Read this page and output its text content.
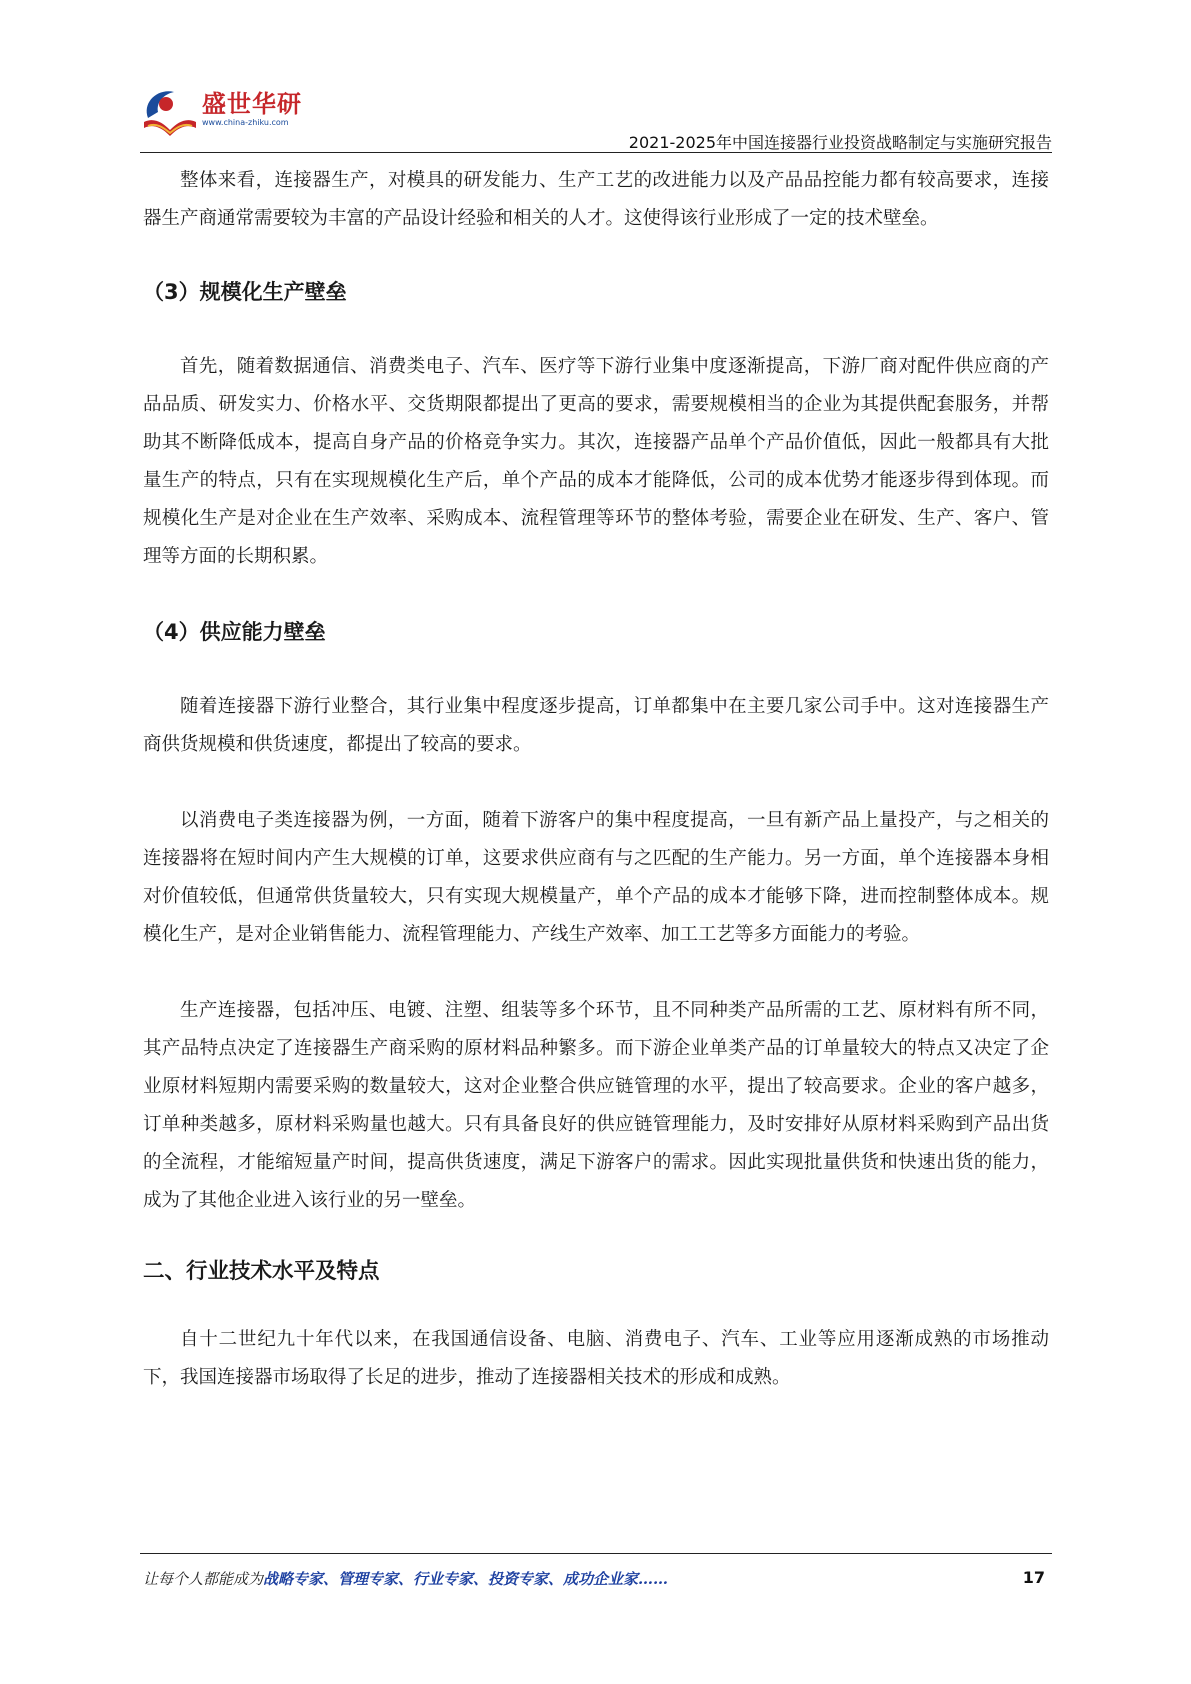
盛世华研
www.china-zhiku.com
2021-2025年中国连接器行业投资战略制定与实施研究报告

整体来看，连接器生产，对模具的研发能力、生产工艺的改进能力以及产品品控能力都有较高要求，连接器生产商通常需要较为丰富的产品设计经验和相关的人才。这使得该行业形成了一定的技术壁垒。

（3）规模化生产壁垒

首先，随着数据通信、消费类电子、汽车、医疗等下游行业集中度逐渐提高，下游厂商对配件供应商的产品品质、研发实力、价格水平、交货期限都提出了更高的要求，需要规模相当的企业为其提供配套服务，并帮助其不断降低成本，提高自身产品的价格竞争实力。其次，连接器产品单个产品价值低，因此一般都具有大批量生产的特点，只有在实现规模化生产后，单个产品的成本才能降低，公司的成本优势才能逐步得到体现。而规模化生产是对企业在生产效率、采购成本、流程管理等环节的整体考验，需要企业在研发、生产、客户、管理等方面的长期积累。

（4）供应能力壁垒

随着连接器下游行业整合，其行业集中程度逐步提高，订单都集中在主要几家公司手中。这对连接器生产商供货规模和供货速度，都提出了较高的要求。

以消费电子类连接器为例，一方面，随着下游客户的集中程度提高，一旦有新产品上量投产，与之相关的连接器将在短时间内产生大规模的订单，这要求供应商有与之匹配的生产能力。另一方面，单个连接器本身相对价值较低，但通常供货量较大，只有实现大规模量产，单个产品的成本才能够下降，进而控制整体成本。规模化生产，是对企业销售能力、流程管理能力、产线生产效率、加工工艺等多方面能力的考验。

生产连接器，包括冲压、电镀、注塑、组装等多个环节，且不同种类产品所需的工艺、原材料有所不同，其产品特点决定了连接器生产商采购的原材料品种繁多。而下游企业单类产品的订单量较大的特点又决定了企业原材料短期内需要采购的数量较大，这对企业整合供应链管理的水平，提出了较高要求。企业的客户越多，订单种类越多，原材料采购量也越大。只有具备良好的供应链管理能力，及时安排好从原材料采购到产品出货的全流程，才能缩短量产时间，提高供货速度，满足下游客户的需求。因此实现批量供货和快速出货的能力，成为了其他企业进入该行业的另一壁垒。

二、行业技术水平及特点

自十二世纪九十年代以来，在我国通信设备、电脑、消费电子、汽车、工业等应用逐渐成熟的市场推动下，我国连接器市场取得了长足的进步，推动了连接器相关技术的形成和成熟。

让每个人都能成为战略专家、管理专家、行业专家、投资专家、成功企业家……	17
